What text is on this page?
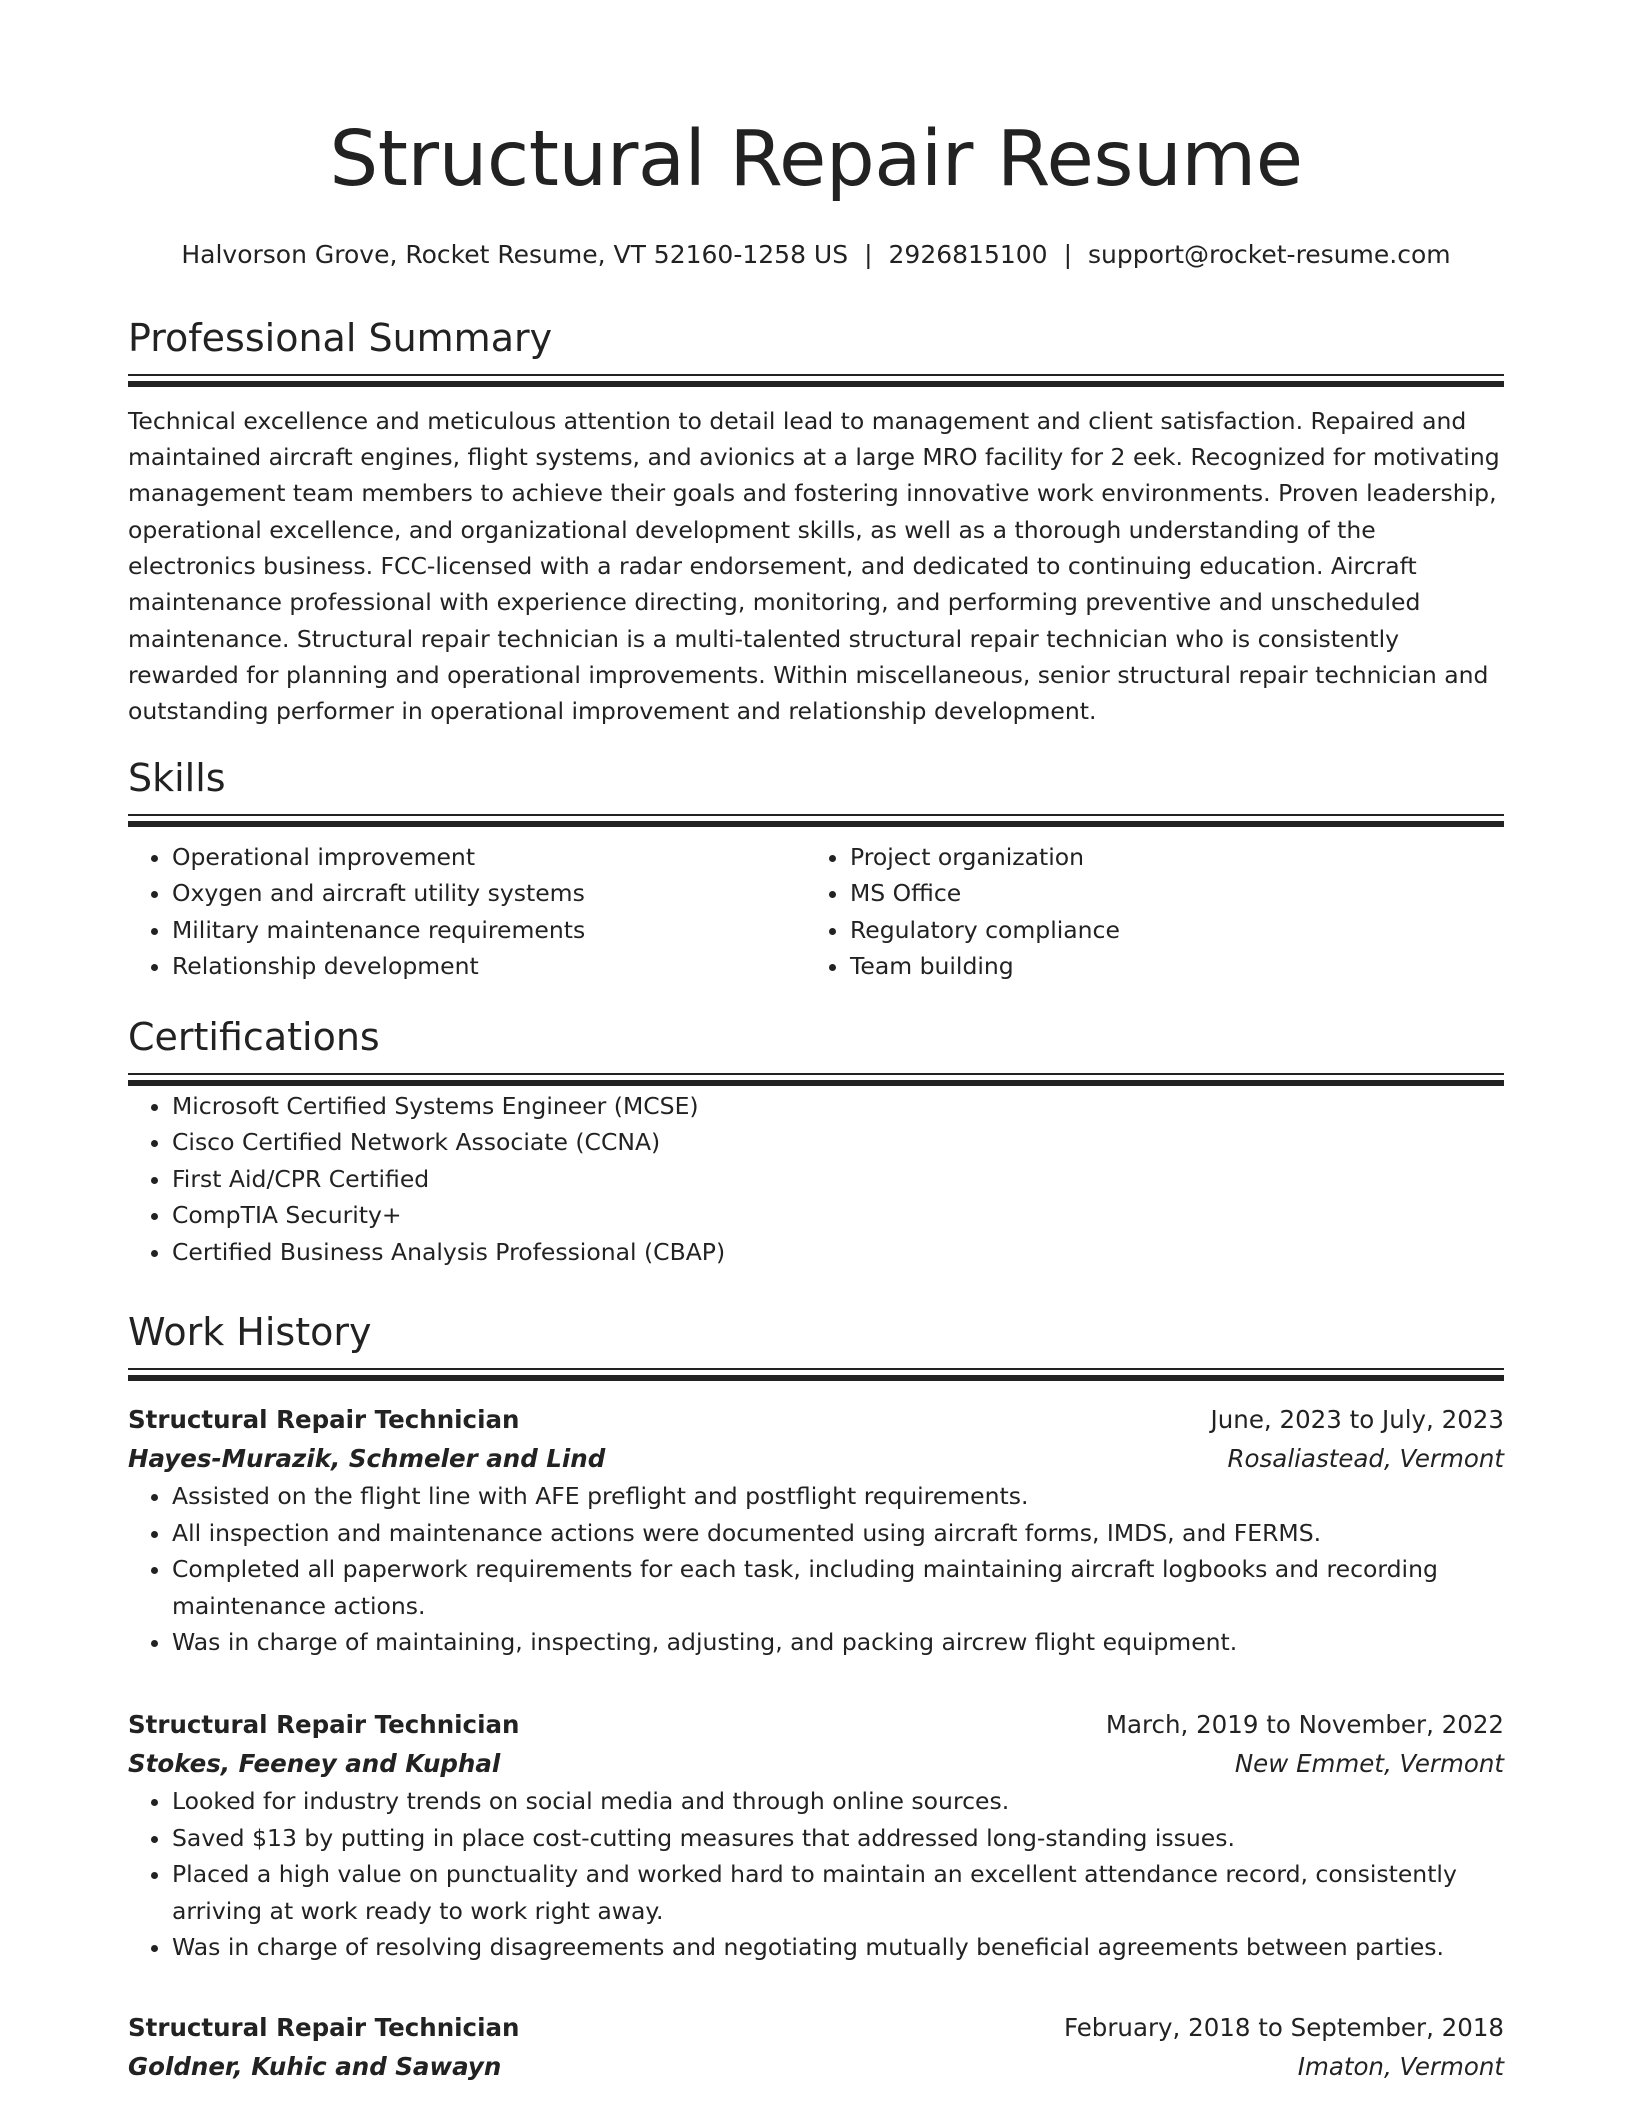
Structural Repair Resume
Halvorson Grove, Rocket Resume, VT 52160-1258 US | 2926815100 | support@rocket-resume.com
Professional Summary
Technical excellence and meticulous attention to detail lead to management and client satisfaction. Repaired and maintained aircraft engines, flight systems, and avionics at a large MRO facility for 2 eek. Recognized for motivating management team members to achieve their goals and fostering innovative work environments. Proven leadership, operational excellence, and organizational development skills, as well as a thorough understanding of the electronics business. FCC-licensed with a radar endorsement, and dedicated to continuing education. Aircraft maintenance professional with experience directing, monitoring, and performing preventive and unscheduled maintenance. Structural repair technician is a multi-talented structural repair technician who is consistently rewarded for planning and operational improvements. Within miscellaneous, senior structural repair technician and outstanding performer in operational improvement and relationship development.
Skills
• Operational improvement
• Oxygen and aircraft utility systems
• Military maintenance requirements
• Relationship development
• Project organization
• MS Office
• Regulatory compliance
• Team building
Certifications
• Microsoft Certified Systems Engineer (MCSE)
• Cisco Certified Network Associate (CCNA)
• First Aid/CPR Certified
• CompTIA Security+
• Certified Business Analysis Professional (CBAP)
Work History
Structural Repair Technician	June, 2023 to July, 2023
Hayes-Murazik, Schmeler and Lind	Rosaliastead, Vermont
• Assisted on the flight line with AFE preflight and postflight requirements.
• All inspection and maintenance actions were documented using aircraft forms, IMDS, and FERMS.
• Completed all paperwork requirements for each task, including maintaining aircraft logbooks and recording maintenance actions.
• Was in charge of maintaining, inspecting, adjusting, and packing aircrew flight equipment.
Structural Repair Technician	March, 2019 to November, 2022
Stokes, Feeney and Kuphal	New Emmet, Vermont
• Looked for industry trends on social media and through online sources.
• Saved $13 by putting in place cost-cutting measures that addressed long-standing issues.
• Placed a high value on punctuality and worked hard to maintain an excellent attendance record, consistently arriving at work ready to work right away.
• Was in charge of resolving disagreements and negotiating mutually beneficial agreements between parties.
Structural Repair Technician	February, 2018 to September, 2018
Goldner, Kuhic and Sawayn	Imaton, Vermont
